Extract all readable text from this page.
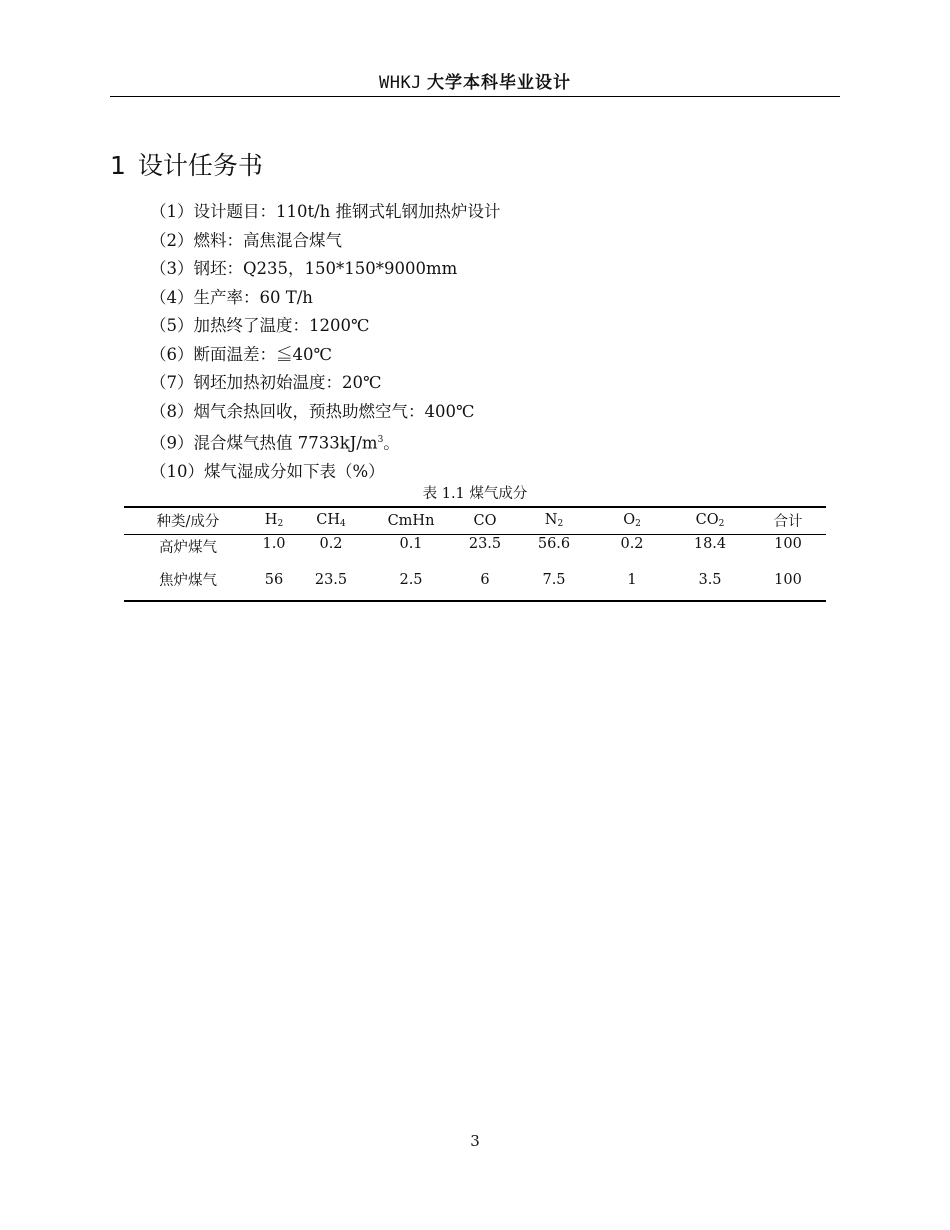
WHKJ 大学本科毕业设计
1 设计任务书
（1）设计题目：110t/h 推钢式轧钢加热炉设计
（2）燃料：高焦混合煤气
（3）钢坯：Q235，150*150*9000mm
（4）生产率：60 T/h
（5）加热终了温度：1200℃
（6）断面温差：≦40℃
（7）钢坯加热初始温度：20℃
（8）烟气余热回收，预热助燃空气：400℃
（9）混合煤气热值 $7733kJ/m^3$。
（10）煤气湿成分如下表（%）
表 1.1 煤气成分
种类/成分	$H_2$	$CH_4$	CmHn	CO	$N_2$	$O_2$	$CO_2$	合计
高炉煤气	1.0	0.2	0.1	23.5	56.6	0.2	18.4	100
焦炉煤气	56	23.5	2.5	6	7.5	1	3.5	100
3
